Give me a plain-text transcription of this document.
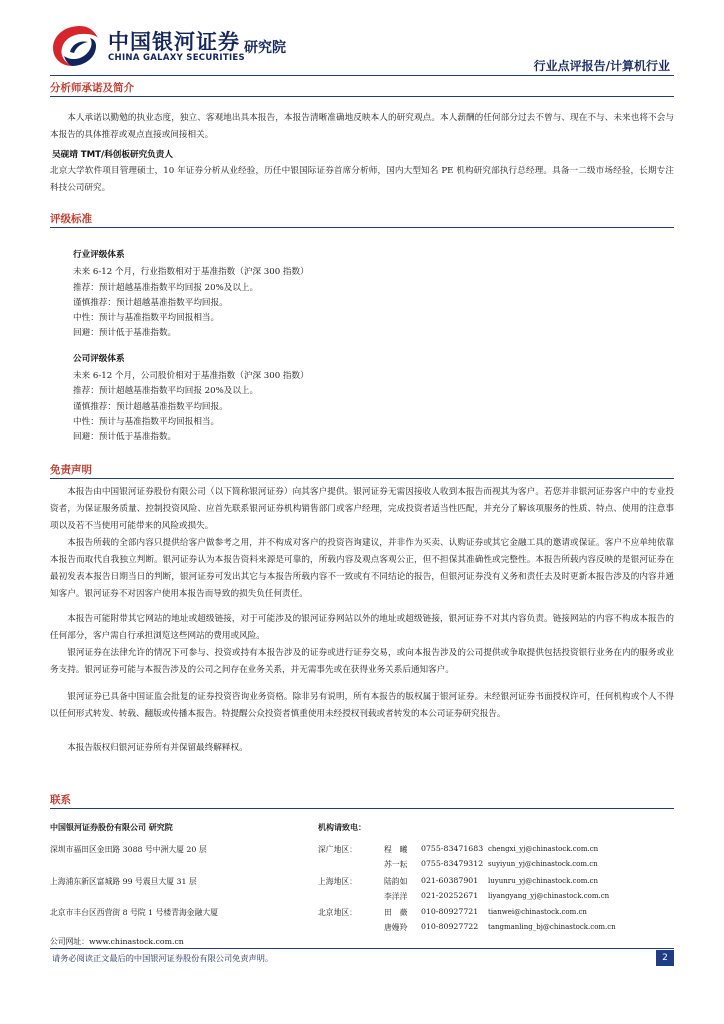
中国银河证券
CHINA GALAXY SECURITIES
研究院
行业点评报告/计算机行业
分析师承诺及简介
本人承诺以勤勉的执业态度，独立、客观地出具本报告，本报告清晰准确地反映本人的研究观点。本人薪酬的任何部分过去不曾与、现在不与、未来也将不会与本报告的具体推荐或观点直接或间接相关。
吴砚靖 TMT/科创板研究负责人
北京大学软件项目管理硕士，10 年证券分析从业经验，历任中银国际证券首席分析师，国内大型知名 PE 机构研究部执行总经理。具备一二级市场经验，长期专注科技公司研究。
评级标准
行业评级体系
未来 6-12 个月，行业指数相对于基准指数（沪深 300 指数）
推荐：预计超越基准指数平均回报 20%及以上。
谨慎推荐：预计超越基准指数平均回报。
中性：预计与基准指数平均回报相当。
回避：预计低于基准指数。
公司评级体系
未来 6-12 个月，公司股价相对于基准指数（沪深 300 指数）
推荐：预计超越基准指数平均回报 20%及以上。
谨慎推荐：预计超越基准指数平均回报。
中性：预计与基准指数平均回报相当。
回避：预计低于基准指数。
免责声明
本报告由中国银河证券股份有限公司（以下简称银河证券）向其客户提供。银河证券无需因接收人收到本报告而视其为客户。若您并非银河证券客户中的专业投资者，为保证服务质量、控制投资风险、应首先联系银河证券机构销售部门或客户经理，完成投资者适当性匹配，并充分了解该项服务的性质、特点、使用的注意事项以及若不当使用可能带来的风险或损失。
本报告所载的全部内容只提供给客户做参考之用，并不构成对客户的投资咨询建议，并非作为买卖、认购证券或其它金融工具的邀请或保证。客户不应单纯依靠本报告而取代自我独立判断。银河证券认为本报告资料来源是可靠的，所载内容及观点客观公正，但不担保其准确性或完整性。本报告所载内容反映的是银河证券在最初发表本报告日期当日的判断，银河证券可发出其它与本报告所载内容不一致或有不同结论的报告，但银河证券没有义务和责任去及时更新本报告涉及的内容并通知客户。银河证券不对因客户使用本报告而导致的损失负任何责任。
本报告可能附带其它网站的地址或超级链接，对于可能涉及的银河证券网站以外的地址或超级链接，银河证券不对其内容负责。链接网站的内容不构成本报告的任何部分，客户需自行承担浏览这些网站的费用或风险。
银河证券在法律允许的情况下可参与、投资或持有本报告涉及的证券或进行证券交易，或向本报告涉及的公司提供或争取提供包括投资银行业务在内的服务或业务支持。银河证券可能与本报告涉及的公司之间存在业务关系，并无需事先或在获得业务关系后通知客户。
银河证券已具备中国证监会批复的证券投资咨询业务资格。除非另有说明，所有本报告的版权属于银河证券。未经银河证券书面授权许可，任何机构或个人不得以任何形式转发、转载、翻版或传播本报告。特提醒公众投资者慎重使用未经授权刊载或者转发的本公司证券研究报告。
本报告版权归银河证券所有并保留最终解释权。
联系
中国银河证券股份有限公司 研究院	机构请致电：
深圳市福田区金田路 3088 号中洲大厦 20 层
上海浦东新区富城路 99 号震旦大厦 31 层
北京市丰台区西营街 8 号院 1 号楼青海金融大厦
深广地区：
上海地区：
北京地区：
程　曦 0755-83471683 chengxi_yj@chinastock.com.cn
苏一耘 0755-83479312 suyiyun_yj@chinastock.com.cn
陆韵如 021-60387901 luyunru_yj@chinastock.com.cn
李洋洋 021-20252671 liyangyang_yj@chinastock.com.cn
田　薇 010-80927721 tianwei@chinastock.com.cn
唐嫚羚 010-80927722 tangmanling_bj@chinastock.com.cn
公司网址：www.chinastock.com.cn
请务必阅读正文最后的中国银河证券股份有限公司免责声明。	2
